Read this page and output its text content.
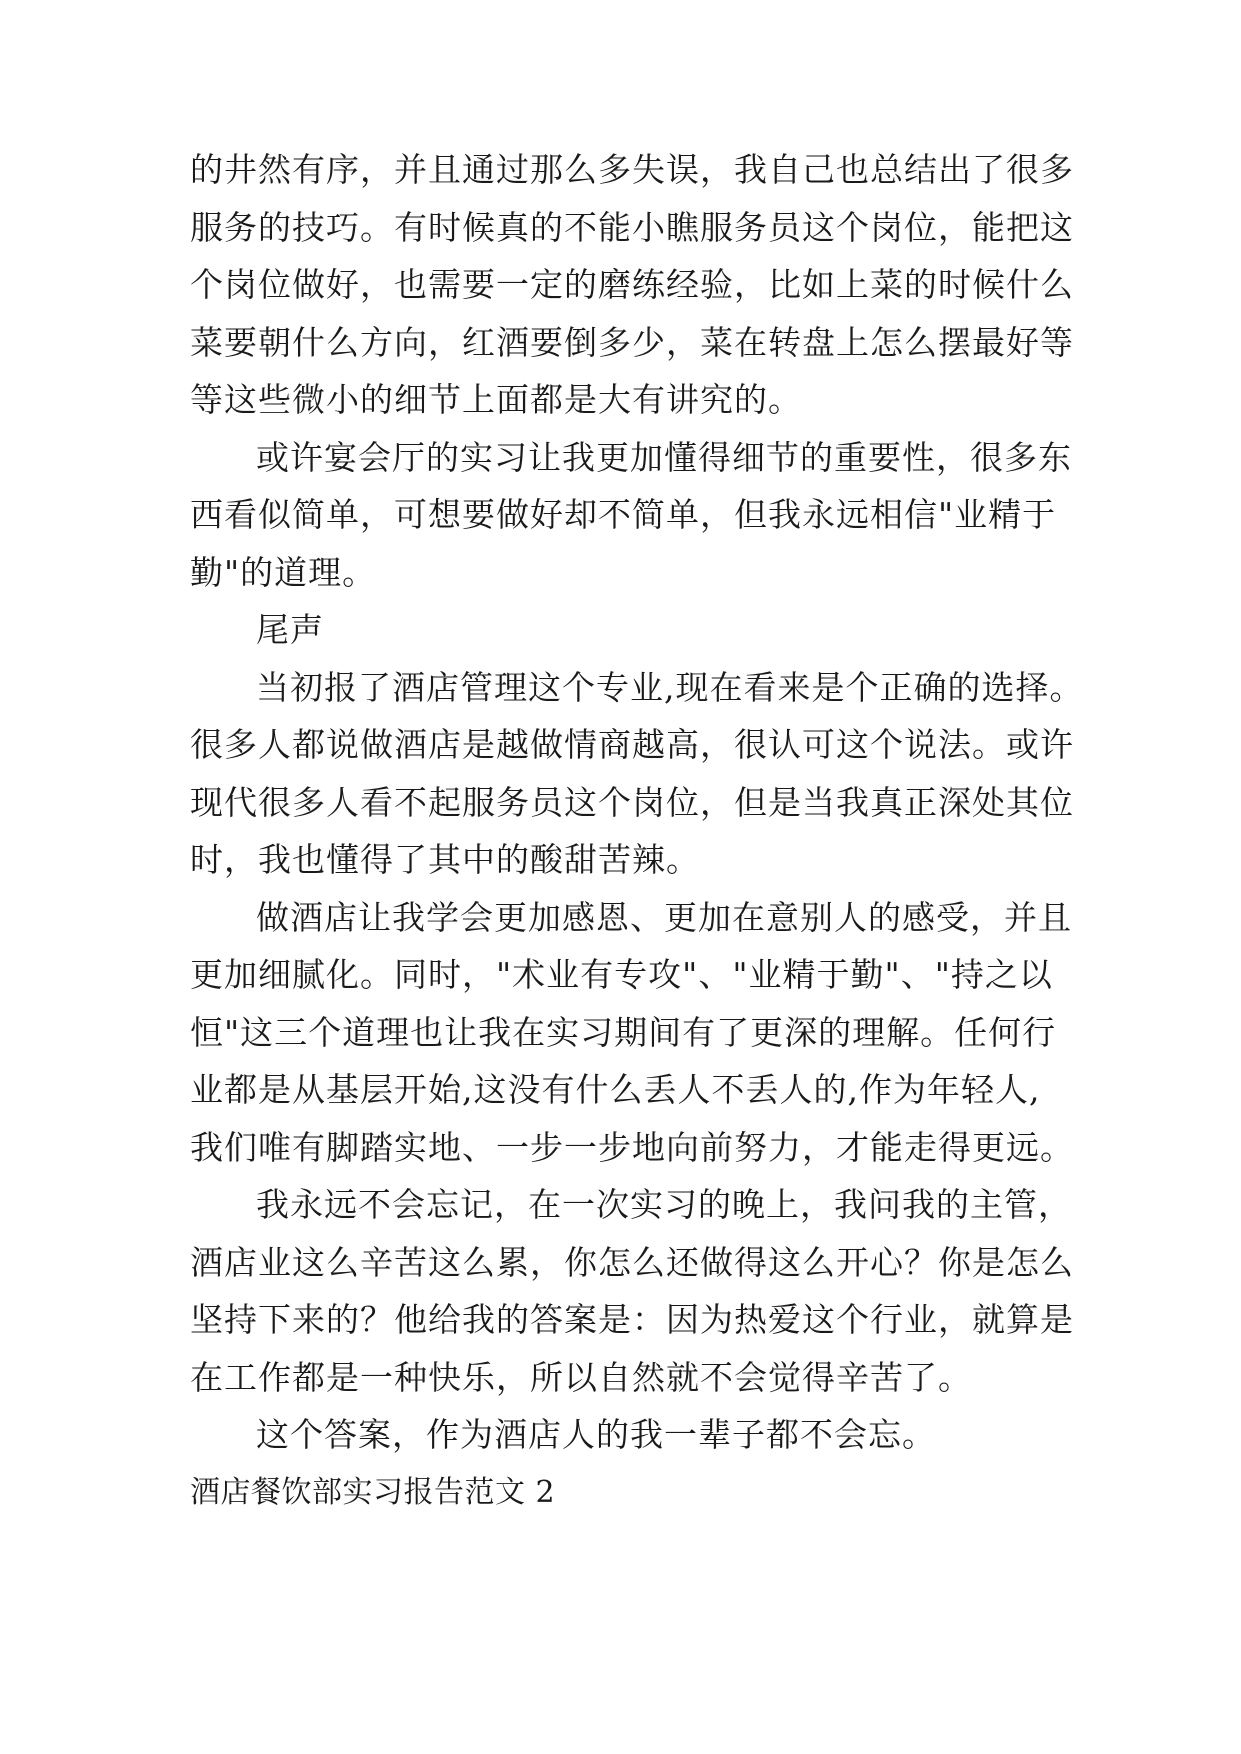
的井然有序，并且通过那么多失误，我自己也总结出了很多
服务的技巧。有时候真的不能小瞧服务员这个岗位，能把这
个岗位做好，也需要一定的磨练经验，比如上菜的时候什么
菜要朝什么方向，红酒要倒多少，菜在转盘上怎么摆最好等
等这些微小的细节上面都是大有讲究的。
或许宴会厅的实习让我更加懂得细节的重要性，很多东
西看似简单，可想要做好却不简单，但我永远相信"业精于
勤"的道理。
尾声
当初报了酒店管理这个专业,现在看来是个正确的选择。
很多人都说做酒店是越做情商越高，很认可这个说法。或许
现代很多人看不起服务员这个岗位，但是当我真正深处其位
时，我也懂得了其中的酸甜苦辣。
做酒店让我学会更加感恩、更加在意别人的感受，并且
更加细腻化。同时，"术业有专攻"、"业精于勤"、"持之以
恒"这三个道理也让我在实习期间有了更深的理解。任何行
业都是从基层开始,这没有什么丢人不丢人的,作为年轻人,
我们唯有脚踏实地、一步一步地向前努力，才能走得更远。
我永远不会忘记，在一次实习的晚上，我问我的主管，
酒店业这么辛苦这么累，你怎么还做得这么开心？你是怎么
坚持下来的？他给我的答案是：因为热爱这个行业，就算是
在工作都是一种快乐，所以自然就不会觉得辛苦了。
这个答案，作为酒店人的我一辈子都不会忘。
酒店餐饮部实习报告范文 2
